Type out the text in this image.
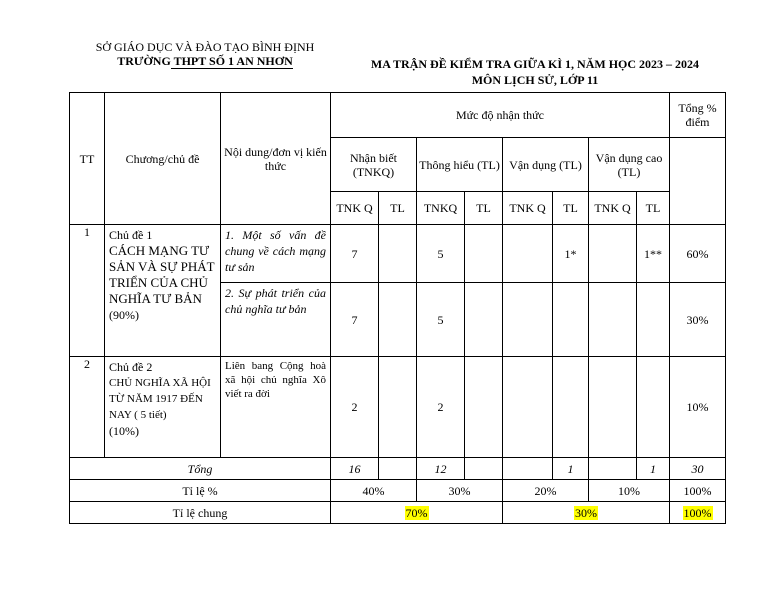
SỞ GIÁO DỤC VÀ ĐÀO TẠO BÌNH ĐỊNH
TRƯỜNG THPT SỐ 1 AN NHƠN	MA TRẬN ĐỀ KIỂM TRA GIỮA KÌ 1, NĂM HỌC 2023 – 2024
MÔN LỊCH SỬ, LỚP 11
TT	Chương/chủ đề	Nội dung/đơn vị kiến thức	Mức độ nhận thức								Tổng % điểm
			Nhận biết (TNKQ)		Thông hiểu (TL)		Vận dụng (TL)		Vận dụng cao (TL)		
			TNK Q	TL	TNKQ	TL	TNK Q	TL	TNK Q	TL	
1	Chủ đề 1
CÁCH MẠNG TƯ SẢN VÀ SỰ PHÁT TRIỂN CỦA CHỦ NGHĨA TƯ BẢN
(90%)	1. Một số vấn đề chung về cách mạng tư sản	7		5			1*		1**	60%
		2. Sự phát triển của chủ nghĩa tư bản	7		5						30%
2	Chủ đề 2
CHỦ NGHĨA XÃ HỘI TỪ NĂM 1917 ĐẾN NAY ( 5 tiết)
(10%)	Liên bang Cộng hoà xã hội chủ nghĩa Xô viết ra đời	2		2						10%
Tổng			16		12			1		1	30
Tỉ lệ %			40%		30%		20%		10%		100%
Tỉ lệ chung			70%				30%				100%
